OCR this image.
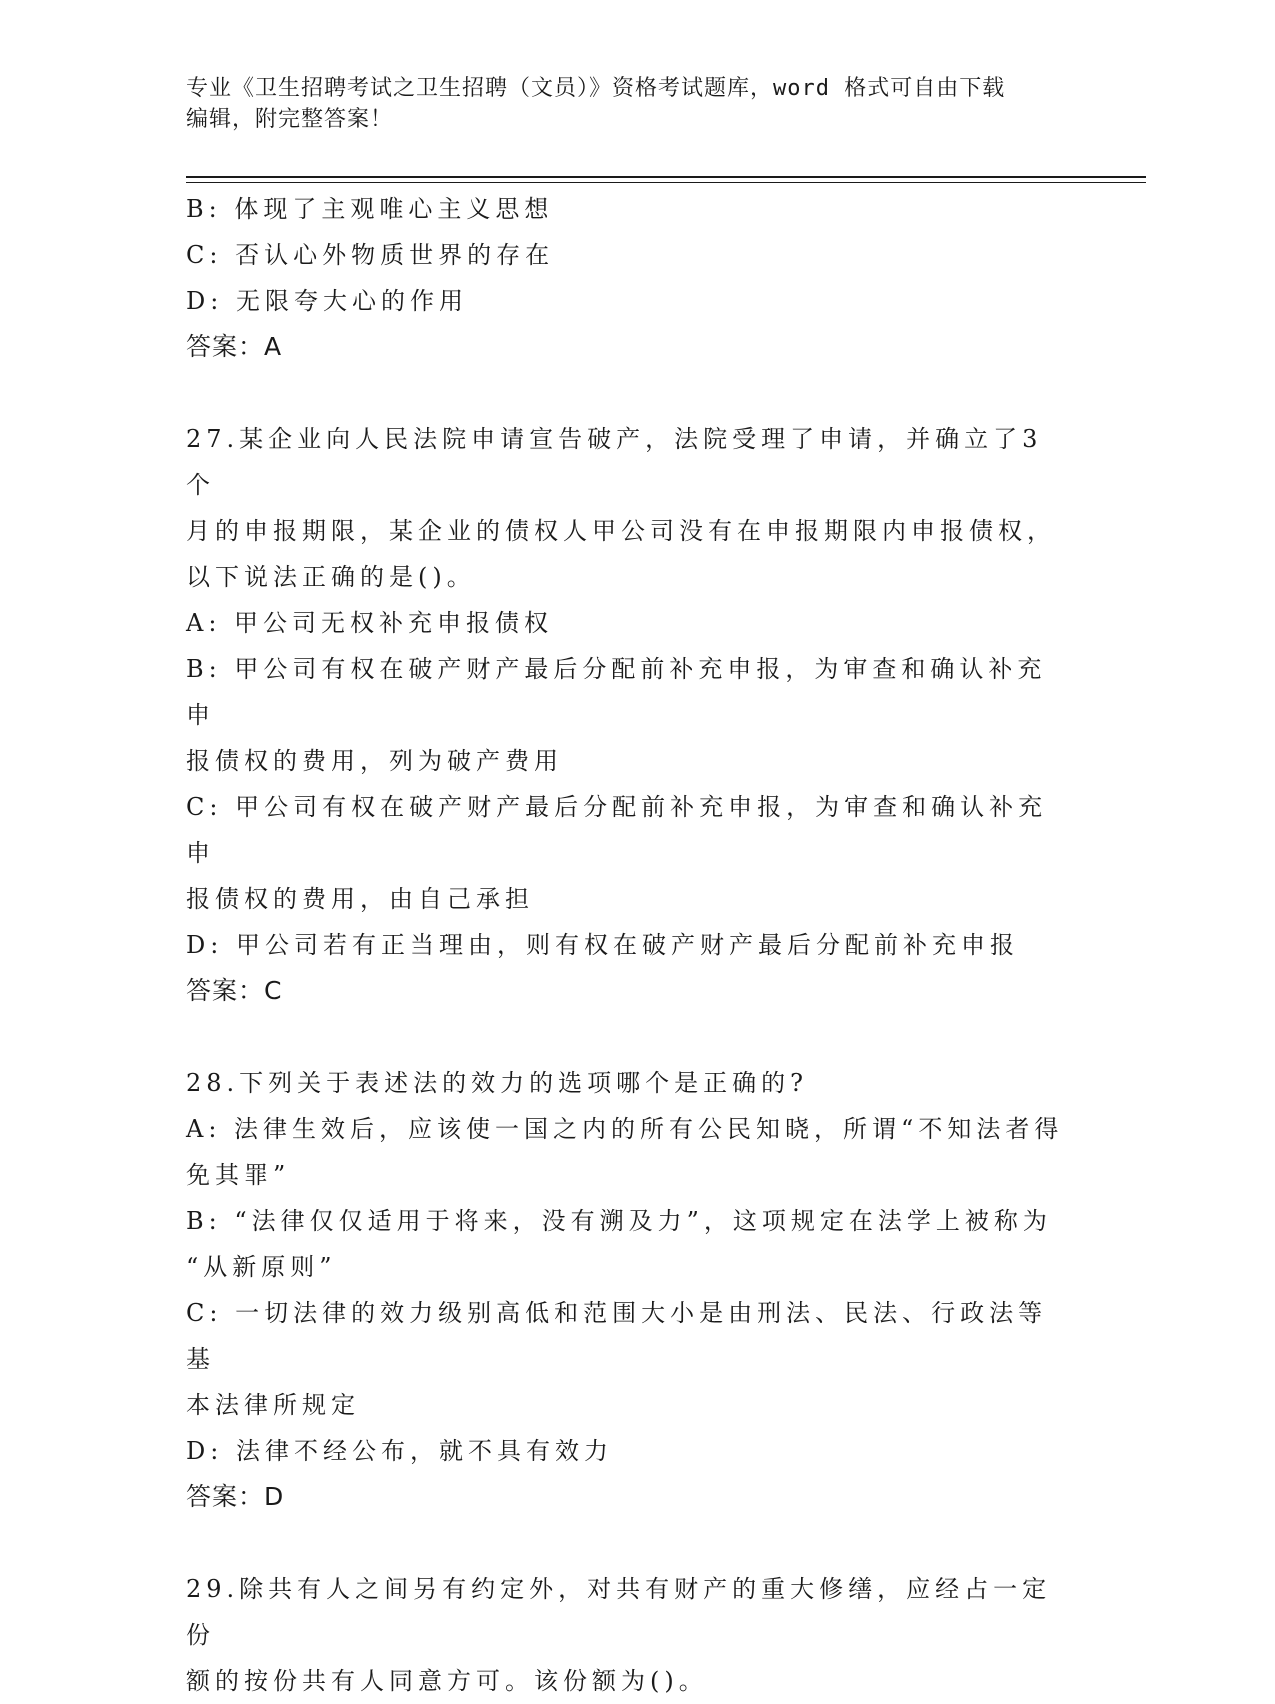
专业《卫生招聘考试之卫生招聘（文员）》资格考试题库，word 格式可自由下载
编辑，附完整答案！
B: 体现了主观唯心主义思想
C: 否认心外物质世界的存在
D: 无限夸大心的作用
答案：A
27.某企业向人民法院申请宣告破产，法院受理了申请，并确立了3个
月的申报期限，某企业的债权人甲公司没有在申报期限内申报债权，
以下说法正确的是()。
A: 甲公司无权补充申报债权
B: 甲公司有权在破产财产最后分配前补充申报，为审查和确认补充申
报债权的费用，列为破产费用
C: 甲公司有权在破产财产最后分配前补充申报，为审查和确认补充申
报债权的费用，由自己承担
D: 甲公司若有正当理由，则有权在破产财产最后分配前补充申报
答案：C
28.下列关于表述法的效力的选项哪个是正确的?
A: 法律生效后，应该使一国之内的所有公民知晓，所谓“不知法者得
免其罪”
B: “法律仅仅适用于将来，没有溯及力”，这项规定在法学上被称为
“从新原则”
C: 一切法律的效力级别高低和范围大小是由刑法、民法、行政法等基
本法律所规定
D: 法律不经公布，就不具有效力
答案：D
29.除共有人之间另有约定外，对共有财产的重大修缮，应经占一定份
额的按份共有人同意方可。该份额为()。
